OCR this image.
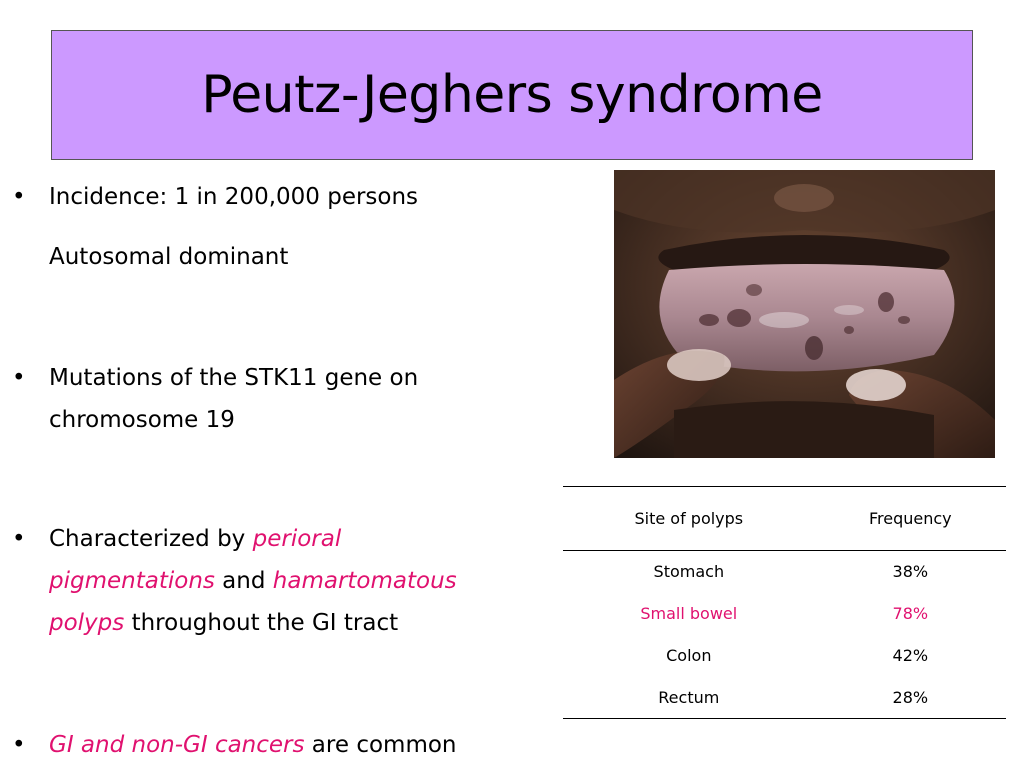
Peutz-Jeghers syndrome
• Incidence: 1 in 200,000 persons
Autosomal dominant
• Mutations of the STK11 gene on
chromosome 19
• Characterized by perioral
pigmentations and hamartomatous
polyps throughout the GI tract
• GI and non-GI cancers are common
Site of polyps	Frequency
Stomach	38%
Small bowel	78%
Colon	42%
Rectum	28%
